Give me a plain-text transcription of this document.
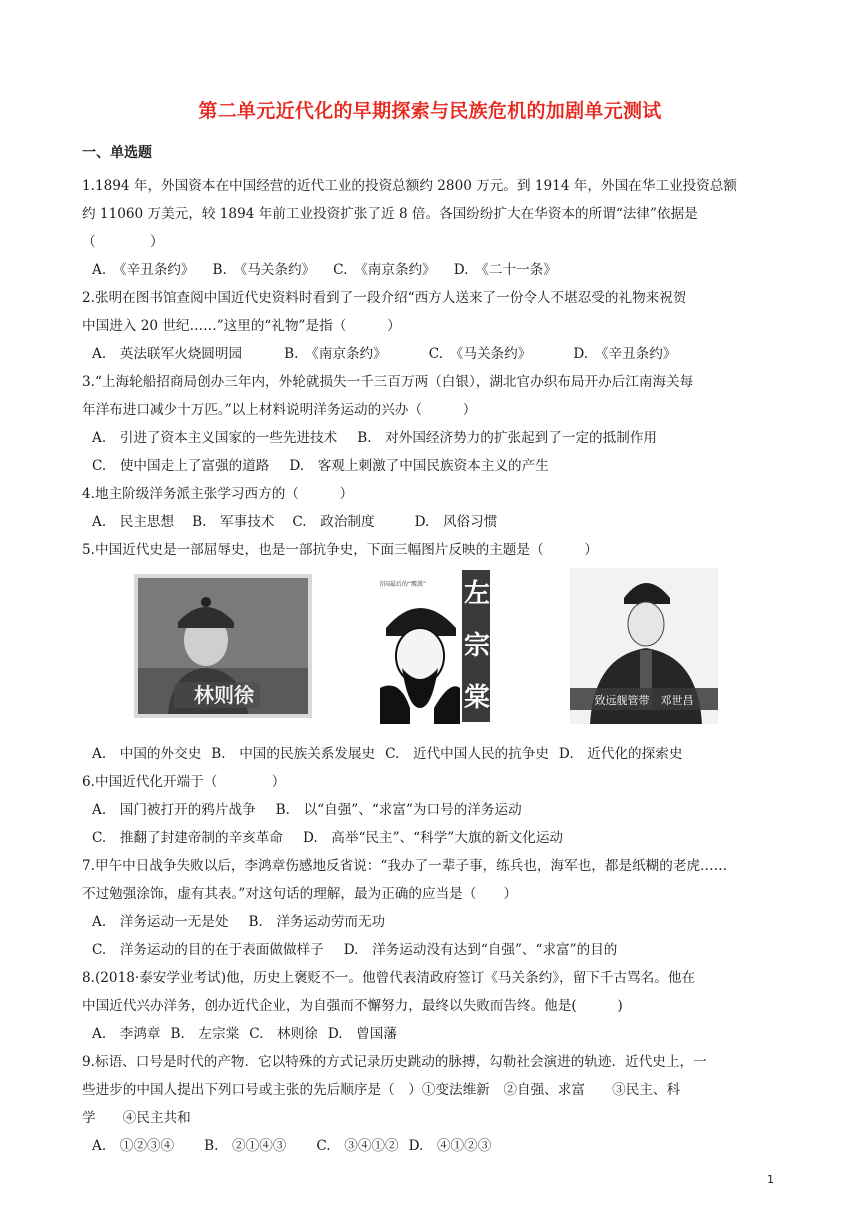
第二单元近代化的早期探索与民族危机的加剧单元测试
一、单选题

1.1894 年，外国资本在中国经营的近代工业的投资总额约 2800 万元。到 1914 年，外国在华工业投资总额

约 11060 万美元，较 1894 年前工业投资扩张了近 8 倍。各国纷纷扩大在华资本的所谓“法律”依据是

（　　　　）

A.　《辛丑条约》 B.　《马关条约》 C.　《南京条约》 D.　《二十一条》

2.张明在图书馆查阅中国近代史资料时看到了一段介绍“西方人送来了一份令人不堪忍受的礼物来祝贺

中国进入 20 世纪……”这里的“礼物”是指（　　　）

A.　英法联军火烧圆明园	B.　《南京条约》	C.　《马关条约》	D.　《辛丑条约》

3.“上海轮船招商局创办三年内，外轮就损失一千三百万两（白银），湖北官办织布局开办后江南海关每

年洋布进口减少十万匹。”以上材料说明洋务运动的兴办（　　　）

A.　引进了资本主义国家的一些先进技术 B.　对外国经济势力的扩张起到了一定的抵制作用

C.　使中国走上了富强的道路 D.　客观上刺激了中国民族资本主义的产生

4.地主阶级洋务派主张学习西方的（　　　）

A.　民主思想 B.　军事技术 C.　政治制度	D.　风俗习惯

5.中国近代史是一部屈辱史，也是一部抗争史，下面三幅图片反映的主题是（　　　）

林则徐
帝国最后的“鹰派” 左宗棠	致远舰管带　邓世昌

A.　中国的外交史 B.　中国的民族关系发展史 C.　近代中国人民的抗争史 D.　近代化的探索史

6.中国近代化开端于（　　　　）

A.　国门被打开的鸦片战争 B.　以“自强”、“求富”为口号的洋务运动

C.　推翻了封建帝制的辛亥革命 D.　高举“民主”、“科学”大旗的新文化运动

7.甲午中日战争失败以后，李鸿章伤感地反省说：“我办了一辈子事，练兵也，海军也，都是纸糊的老虎……

不过勉强涂饰，虚有其表。”对这句话的理解，最为正确的应当是（　　）

A.　洋务运动一无是处 B.　洋务运动劳而无功

C.　洋务运动的目的在于表面做做样子 D.　洋务运动没有达到“自强”、“求富”的目的

8.(2018·泰安学业考试)他，历史上褒贬不一。他曾代表清政府签订《马关条约》，留下千古骂名。他在

中国近代兴办洋务，创办近代企业，为自强而不懈努力，最终以失败而告终。他是(　　　)

A.　李鸿章 B.　左宗棠 C.　林则徐 D.　曾国藩

9.标语、口号是时代的产物．它以特殊的方式记录历史跳动的脉搏，勾勒社会演进的轨迹．近代史上，一

些进步的中国人提出下列口号或主张的先后顺序是（　）①变法维新　②自强、求富　　③民主、科

学　　④民主共和

A.　①②③④ B.　②①④③ C.　③④①② D.　④①②③

1
